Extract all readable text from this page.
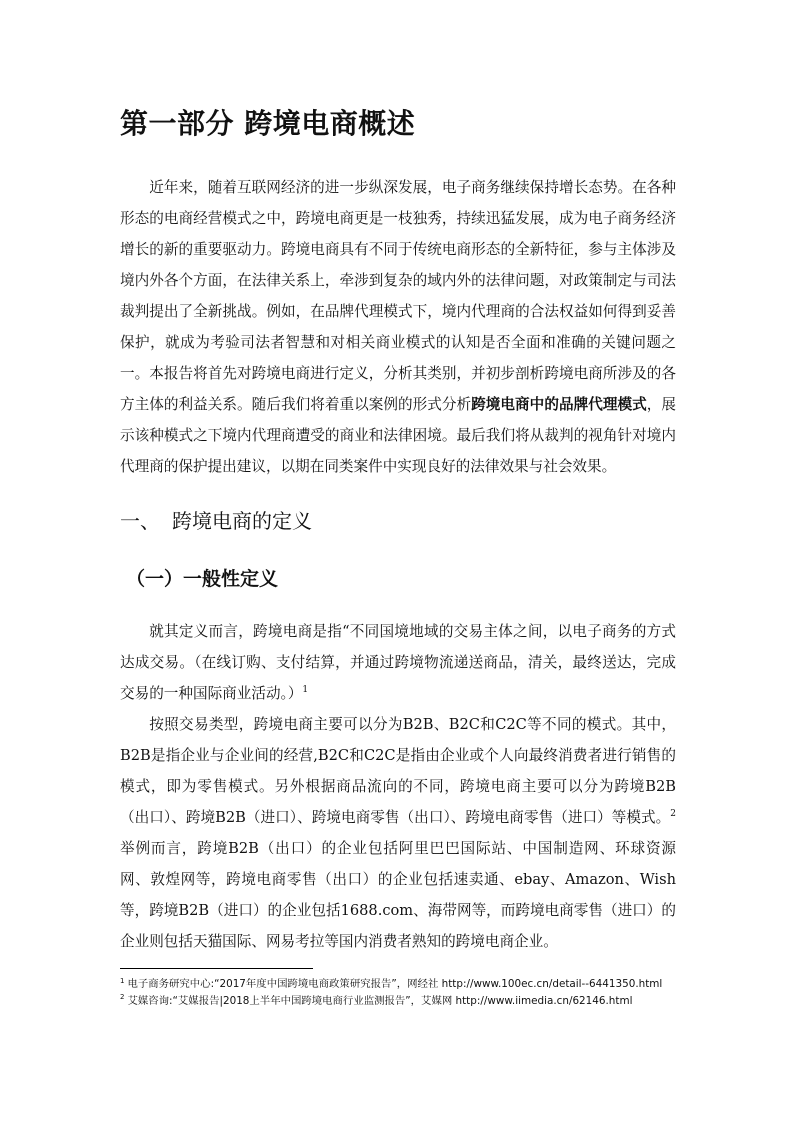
第一部分 跨境电商概述

近年来，随着互联网经济的进一步纵深发展，电子商务继续保持增长态势。在各种形态的电商经营模式之中，跨境电商更是一枝独秀，持续迅猛发展，成为电子商务经济增长的新的重要驱动力。跨境电商具有不同于传统电商形态的全新特征，参与主体涉及境内外各个方面，在法律关系上，牵涉到复杂的域内外的法律问题，对政策制定与司法裁判提出了全新挑战。例如，在品牌代理模式下，境内代理商的合法权益如何得到妥善保护，就成为考验司法者智慧和对相关商业模式的认知是否全面和准确的关键问题之一。 本报告将首先对跨境电商进行定义，分析其类别，并初步剖析跨境电商所涉及的各方主体的利益关系。随后我们将着重以案例的形式分析跨境电商中的品牌代理模式，展示该种模式之下境内代理商遭受的商业和法律困境。最后我们将从裁判的视角针对境内代理商的保护提出建议，以期在同类案件中实现良好的法律效果与社会效果。

一、 跨境电商的定义
（一）一般性定义

就其定义而言，跨境电商是指“不同国境地域的交易主体之间，以电子商务的方式达成交易。（在线订购、支付结算，并通过跨境物流递送商品，清关，最终送达，完成交易的一种国际商业活动。）$^1$

按照交易类型，跨境电商主要可以分为B2B、B2C和C2C等不同的模式。其中，B2B是指企业与企业间的经营,B2C和C2C是指由企业或个人向最终消费者进行销售的模式，即为零售模式。另外根据商品流向的不同，跨境电商主要可以分为跨境B2B（出口）、跨境B2B（进口）、跨境电商零售（出口）、跨境电商零售（进口）等模式。$^2$举例而言，跨境B2B（出口）的企业包括阿里巴巴国际站、中国制造网、环球资源网、敦煌网等，跨境电商零售（出口）的企业包括速卖通、ebay、Amazon、Wish等，跨境B2B（进口）的企业包括1688.com、海带网等，而跨境电商零售（进口）的企业则包括天猫国际、网易考拉等国内消费者熟知的跨境电商企业。

$^1$ 电子商务研究中心:“2017年度中国跨境电商政策研究报告”，网经社 http://www.100ec.cn/detail--6441350.html

$^2$ 艾媒咨询:“艾媒报告|2018上半年中国跨境电商行业监测报告”，艾媒网 http://www.iimedia.cn/62146.html
